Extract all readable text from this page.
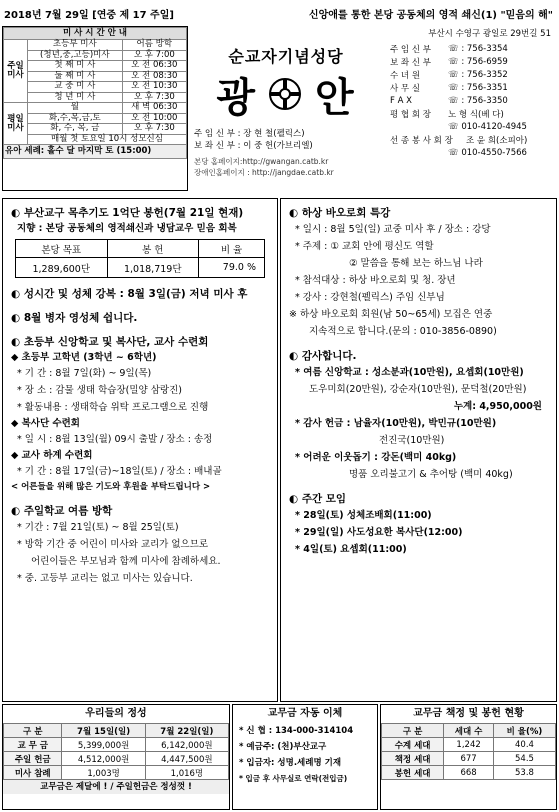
2018년 7월 29일 [연중 제 17 주일]	신앙애를 통한 본당 공동체의 영적 쇄신(1) "믿음의 해"
미 사 시 간 안 내		
주일 미사	초등부 미사	어름 방학
	(청년,중,고등)미사	오 후 7:00
	첫 째 미 사	오 전 06:30
	둘 째 미 사	오 전 08:30
	교 중 미 사	오 전 10:30
	청 년 미 사	오 후 7:30
평일 미사	월	새 벽 06:30
	화,수,목,금,토	오 전 10:00
	화, 수, 목, 금	오 후 7:30
	매월 첫 토요일 10시 성모신심	
유아 세례: 홀수 달 마지막 토 (15:00)		
순교자기념성당
광 안
주 임 신 부 : 장 현 철(펠릭스)
보 좌 신 부 : 이 중 헌(가브리엘)
본당 홈페이지:http://gwangan.catb.kr
장애인홈페이지 : http://jangdae.catb.kr
부산시 수영구 광일로 29번길 51
주 임 신 부	☏ : 756-3354
보 좌 신 부	☏ : 756-6959
수 녀 원	☏ : 756-3352
사 무 실	☏ : 756-3351
F A X	☏ : 756-3350
평 협 회 장	노 형 식(베 다)
☏ 010-4120-4945
선 종 봉 사 회 장	조 윤 희(소피아)
☏ 010-4550-7566
◐ 부산교구 목추기도 1억단 봉헌(7월 21일 현재)
지향 : 본당 공동체의 영적쇄신과 냉담교우 믿음 회복
본당 목표	봉 헌	비 율
1,289,600단	1,018,719단	79.0 %
◐ 성시간 및 성체 강복 : 8월 3일(금) 저녁 미사 후
◐ 8월 병자 영성체 쉽니다.
◐ 초등부 신앙학교 및 복사단, 교사 수련회
◆ 초등부 고학년 (3학년 ~ 6학년)
* 기 간 : 8월 7일(화) ~ 9일(목)
* 장 소 : 감물 생태 학습장(밀양 삼랑진)
* 활동내용 : 생태학습 위탁 프로그램으로 진행
◆ 복사단 수련회
* 일 시 : 8월 13일(월) 09시 출발 / 장소 : 송정
◆ 교사 하계 수련회
* 기 간 : 8월 17일(금)~18일(토) / 장소 : 배내골
< 어른들을 위해 많은 기도와 후원을 부탁드립니다 >
◐ 주일학교 여름 방학
* 기간 : 7월 21일(토) ~ 8월 25일(토)
* 방학 기간 중 어린이 미사와 교리가 없으므로
어린이들은 부모님과 함께 미사에 참례하세요.
* 중. 고등부 교리는 없고 미사는 있습니다.
◐ 하상 바오로회 특강
* 일시 : 8월 5일(일) 교중 미사 후 / 장소 : 강당
* 주제 : ① 교회 안에 평신도 역할
② 말씀을 통해 보는 하느님 나라
* 참석대상 : 하상 바오로회 및 청. 장년
* 강사 : 강현철(펠릭스) 주임 신부님
※ 하상 바오로회 회원(남 50~65세) 모집은 연중
지속적으로 합니다.(문의 : 010-3856-0890)
◐ 감사합니다.
* 여름 신앙학교 : 성소분과(10만원), 요셉회(10만원)
도우미회(20만원), 강순자(10만원), 문덕철(20만원)
누계: 4,950,000원
* 감사 헌금 : 남율자(10만원), 박민규(10만원)
전진국(10만원)
* 어려운 이웃돕기 : 강돈(백미 40kg)
명품 오리불고기 & 추어탕 (백미 40kg)
◐ 주간 모임
* 28일(토) 성체조배회(11:00)
* 29일(일) 사도성요한 복사단(12:00)
* 4일(토) 요셉회(11:00)
우리들의 정성
구 분	7월 15일(일)	7월 22일(일)
교 무 금	5,399,000원	6,142,000원
주일 헌금	4,512,000원	4,447,500원
미사 참례	1,003명	1,016명
교무금은 제달에 ! / 주일헌금은 정성껏 !
교무금 자동 이체
* 신 협 : 134-000-314104
* 예금주: (천)부산교구
* 입금자: 성명.세례명 기재
* 입금 후 사무실로 연락(전입금)
교무금 책정 및 봉헌 현황
구 분	세대 수	비 율(%)
수계 세대	1,242	40.4
책정 세대	677	54.5
봉헌 세대	668	53.8
